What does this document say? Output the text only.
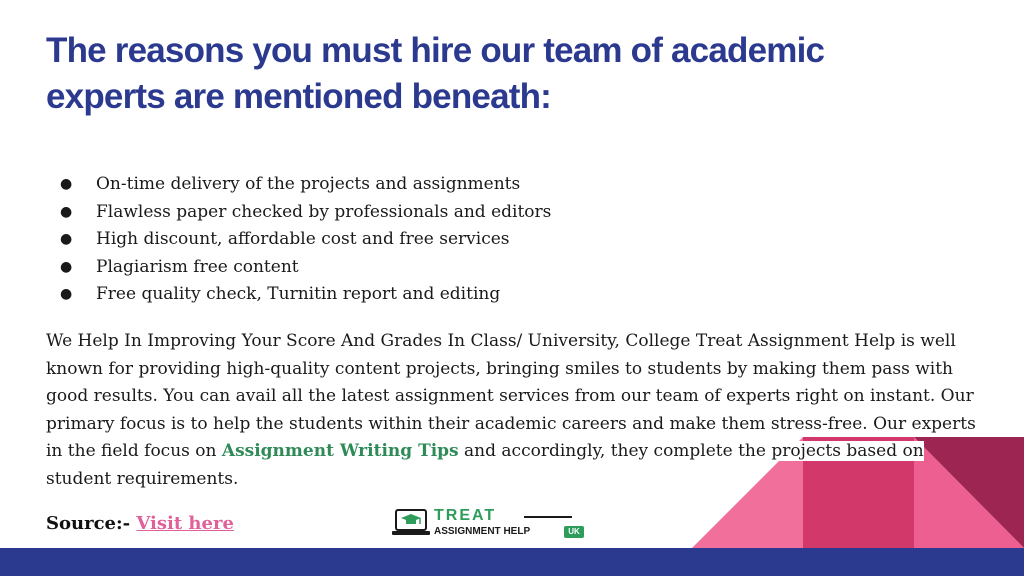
The reasons you must hire our team of academic experts are mentioned beneath:
●	On-time delivery of the projects and assignments
●	Flawless paper checked by professionals and editors
●	High discount, affordable cost and free services
●	Plagiarism free content
●	Free quality check, Turnitin report and editing

We Help In Improving Your Score And Grades In Class/ University, College Treat Assignment Help is well known for providing high-quality content projects, bringing smiles to students by making them pass with good results. You can avail all the latest assignment services from our team of experts right on instant. Our primary focus is to help the students within their academic careers and make them stress-free. Our experts in the field focus on Assignment Writing Tips and accordingly, they complete the projects based on student requirements.

Source:- Visit here	TREAT
ASSIGNMENT HELP	UK
